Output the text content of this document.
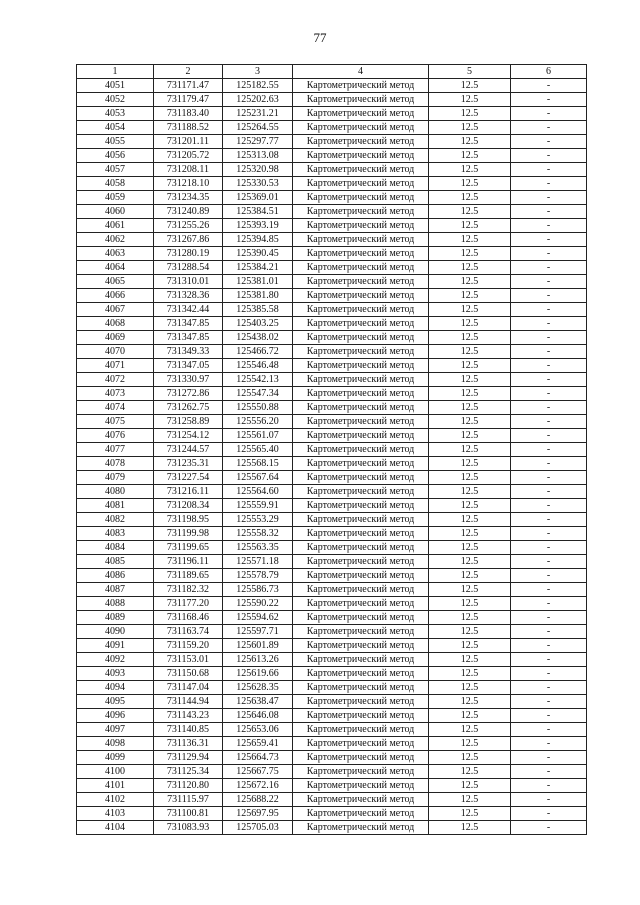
77
1	2	3	4	5	6
4051	731171.47	125182.55	Картометрический метод	12.5	-
4052	731179.47	125202.63	Картометрический метод	12.5	-
4053	731183.40	125231.21	Картометрический метод	12.5	-
4054	731188.52	125264.55	Картометрический метод	12.5	-
4055	731201.11	125297.77	Картометрический метод	12.5	-
4056	731205.72	125313.08	Картометрический метод	12.5	-
4057	731208.11	125320.98	Картометрический метод	12.5	-
4058	731218.10	125330.53	Картометрический метод	12.5	-
4059	731234.35	125369.01	Картометрический метод	12.5	-
4060	731240.89	125384.51	Картометрический метод	12.5	-
4061	731255.26	125393.19	Картометрический метод	12.5	-
4062	731267.86	125394.85	Картометрический метод	12.5	-
4063	731280.19	125390.45	Картометрический метод	12.5	-
4064	731288.54	125384.21	Картометрический метод	12.5	-
4065	731310.01	125381.01	Картометрический метод	12.5	-
4066	731328.36	125381.80	Картометрический метод	12.5	-
4067	731342.44	125385.58	Картометрический метод	12.5	-
4068	731347.85	125403.25	Картометрический метод	12.5	-
4069	731347.85	125438.02	Картометрический метод	12.5	-
4070	731349.33	125466.72	Картометрический метод	12.5	-
4071	731347.05	125546.48	Картометрический метод	12.5	-
4072	731330.97	125542.13	Картометрический метод	12.5	-
4073	731272.86	125547.34	Картометрический метод	12.5	-
4074	731262.75	125550.88	Картометрический метод	12.5	-
4075	731258.89	125556.20	Картометрический метод	12.5	-
4076	731254.12	125561.07	Картометрический метод	12.5	-
4077	731244.57	125565.40	Картометрический метод	12.5	-
4078	731235.31	125568.15	Картометрический метод	12.5	-
4079	731227.54	125567.64	Картометрический метод	12.5	-
4080	731216.11	125564.60	Картометрический метод	12.5	-
4081	731208.34	125559.91	Картометрический метод	12.5	-
4082	731198.95	125553.29	Картометрический метод	12.5	-
4083	731199.98	125558.32	Картометрический метод	12.5	-
4084	731199.65	125563.35	Картометрический метод	12.5	-
4085	731196.11	125571.18	Картометрический метод	12.5	-
4086	731189.65	125578.79	Картометрический метод	12.5	-
4087	731182.32	125586.73	Картометрический метод	12.5	-
4088	731177.20	125590.22	Картометрический метод	12.5	-
4089	731168.46	125594.62	Картометрический метод	12.5	-
4090	731163.74	125597.71	Картометрический метод	12.5	-
4091	731159.20	125601.89	Картометрический метод	12.5	-
4092	731153.01	125613.26	Картометрический метод	12.5	-
4093	731150.68	125619.66	Картометрический метод	12.5	-
4094	731147.04	125628.35	Картометрический метод	12.5	-
4095	731144.94	125638.47	Картометрический метод	12.5	-
4096	731143.23	125646.08	Картометрический метод	12.5	-
4097	731140.85	125653.06	Картометрический метод	12.5	-
4098	731136.31	125659.41	Картометрический метод	12.5	-
4099	731129.94	125664.73	Картометрический метод	12.5	-
4100	731125.34	125667.75	Картометрический метод	12.5	-
4101	731120.80	125672.16	Картометрический метод	12.5	-
4102	731115.97	125688.22	Картометрический метод	12.5	-
4103	731100.81	125697.95	Картометрический метод	12.5	-
4104	731083.93	125705.03	Картометрический метод	12.5	-
